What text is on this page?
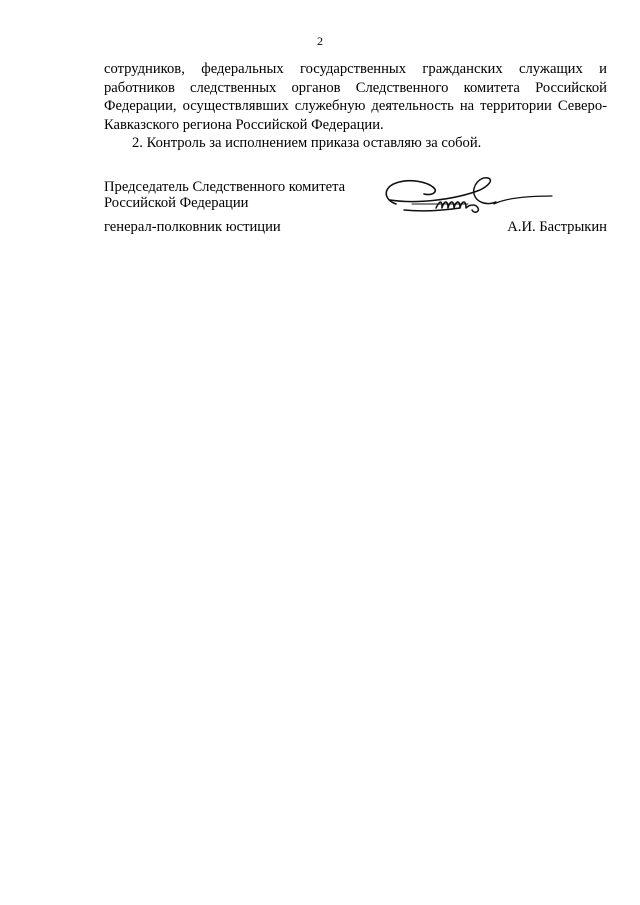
2

сотрудников, федеральных государственных гражданских служащих и работников следственных органов Следственного комитета Российской Федерации, осуществлявших служебную деятельность на территории Северо-Кавказского региона Российской Федерации.

2. Контроль за исполнением приказа оставляю за собой.

Председатель Следственного комитета
Российской Федерации
генерал-полковник юстиции	А.И. Бастрыкин
